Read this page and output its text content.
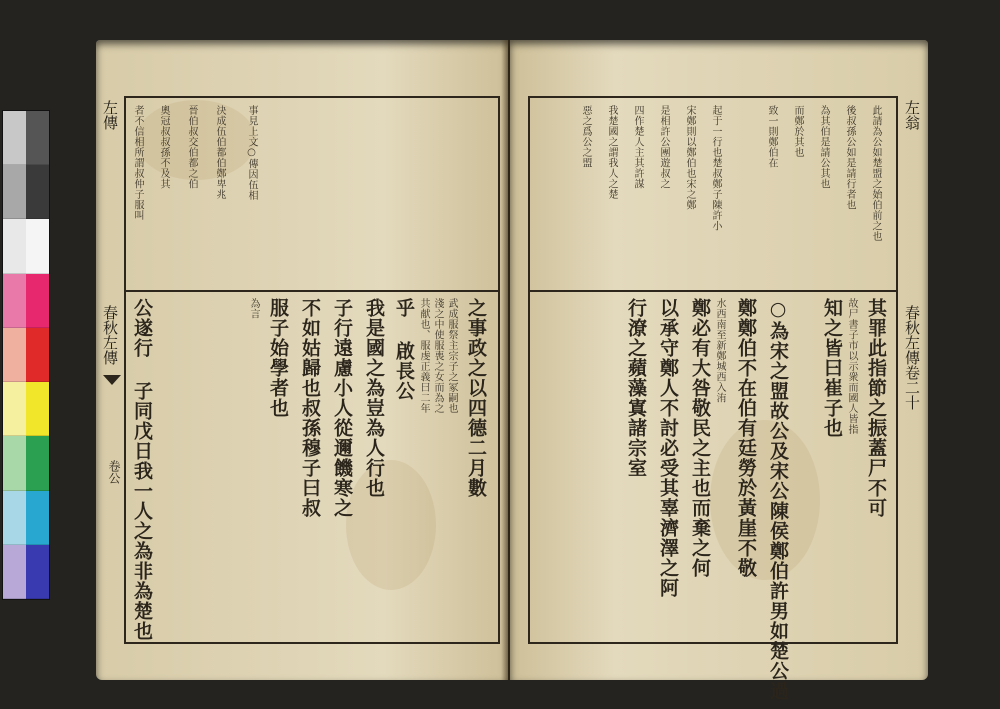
左傳
春秋左傳
卷公
事見上文○傳因伍相
決成伍伯都伯鄭卑兆
晉伯叔交伯都之伯
奧冠叔叔孫不及其
者不信相所謂叔仲子服叫
之事政之以四德二月數
武成服祭主宗子之冢嗣也
淺之中使服喪之女而為之
共献也、服虔正義曰二年
乎 啟長公
我是國之為豈為人行也
子行遠慮小人從邇饑寒之
不如姑歸也叔孫穆子曰叔
服子始學者也
為言
公遂行 子同戊日我一人之為非為楚也
左翁
春秋左傳卷二十
此請為公如楚盟之始伯前之也
後叔孫公如是請行者也
為其伯是請公其也
而鄭於其也
致一則鄭伯在
起于一行也楚叔鄭子陳許小
宋鄭則以鄭伯也宋之鄭
是相許公團遊叔之
四作楚人主其許謀
我楚國之謂我人之楚
惡之爲公之盟
其罪此指節之振蓋尸不可
故尸書子市以示衆而國人皆指
知之皆曰崔子也
○為宋之盟故公及宋公陳侯鄭伯許男如楚公過
鄭鄭伯不在伯有廷勞於黃崖不敬
水西南至新鄭城西入洧
鄭必有大咎敬民之主也而棄之何
以承守鄭人不討必受其辜濟澤之阿
行潦之蘋藻寘諸宗室
